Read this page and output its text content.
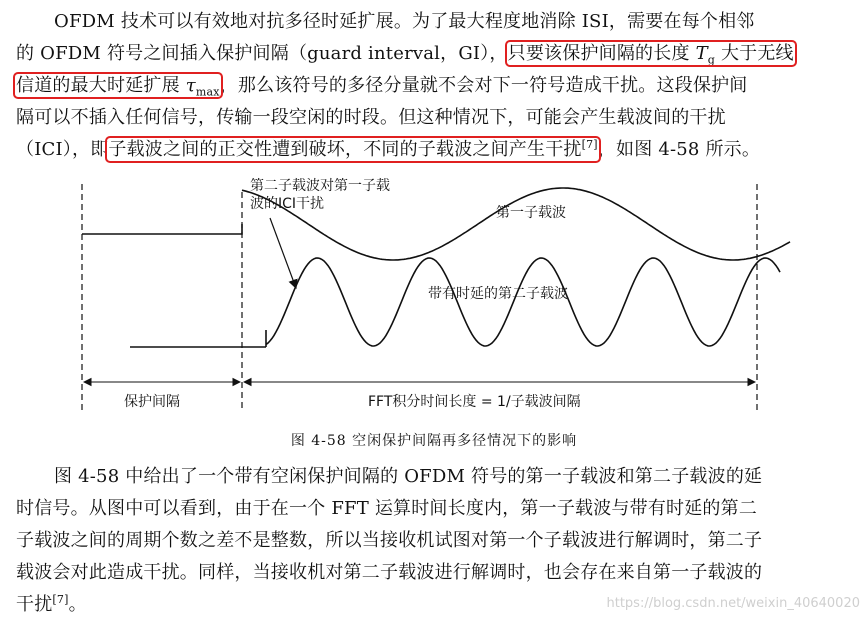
OFDM 技术可以有效地对抗多径时延扩展。为了最大程度地消除 ISI，需要在每个相邻
的 OFDM 符号之间插入保护间隔（guard interval，GI），只要该保护间隔的长度 $T_g$ 大于无线
信道的最大时延扩展 $\tau_{max}$，那么该符号的多径分量就不会对下一符号造成干扰。这段保护间
隔可以不插入任何信号，传输一段空闲的时段。但这种情况下，可能会产生载波间的干扰
（ICI），即子载波之间的正交性遭到破坏，不同的子载波之间产生干扰[7]，如图 4-58 所示。
第二子载波对第一子载
波的ICI干扰
第一子载波
带有时延的第二子载波
保护间隔	FFT积分时间长度 = 1/子载波间隔
图 4-58 空闲保护间隔再多径情况下的影响
图 4-58 中给出了一个带有空闲保护间隔的 OFDM 符号的第一子载波和第二子载波的延
时信号。从图中可以看到，由于在一个 FFT 运算时间长度内，第一子载波与带有时延的第二
子载波之间的周期个数之差不是整数，所以当接收机试图对第一个子载波进行解调时，第二子
载波会对此造成干扰。同样，当接收机对第二子载波进行解调时，也会存在来自第一子载波的
干扰[7]。	https://blog.csdn.net/weixin_40640020
